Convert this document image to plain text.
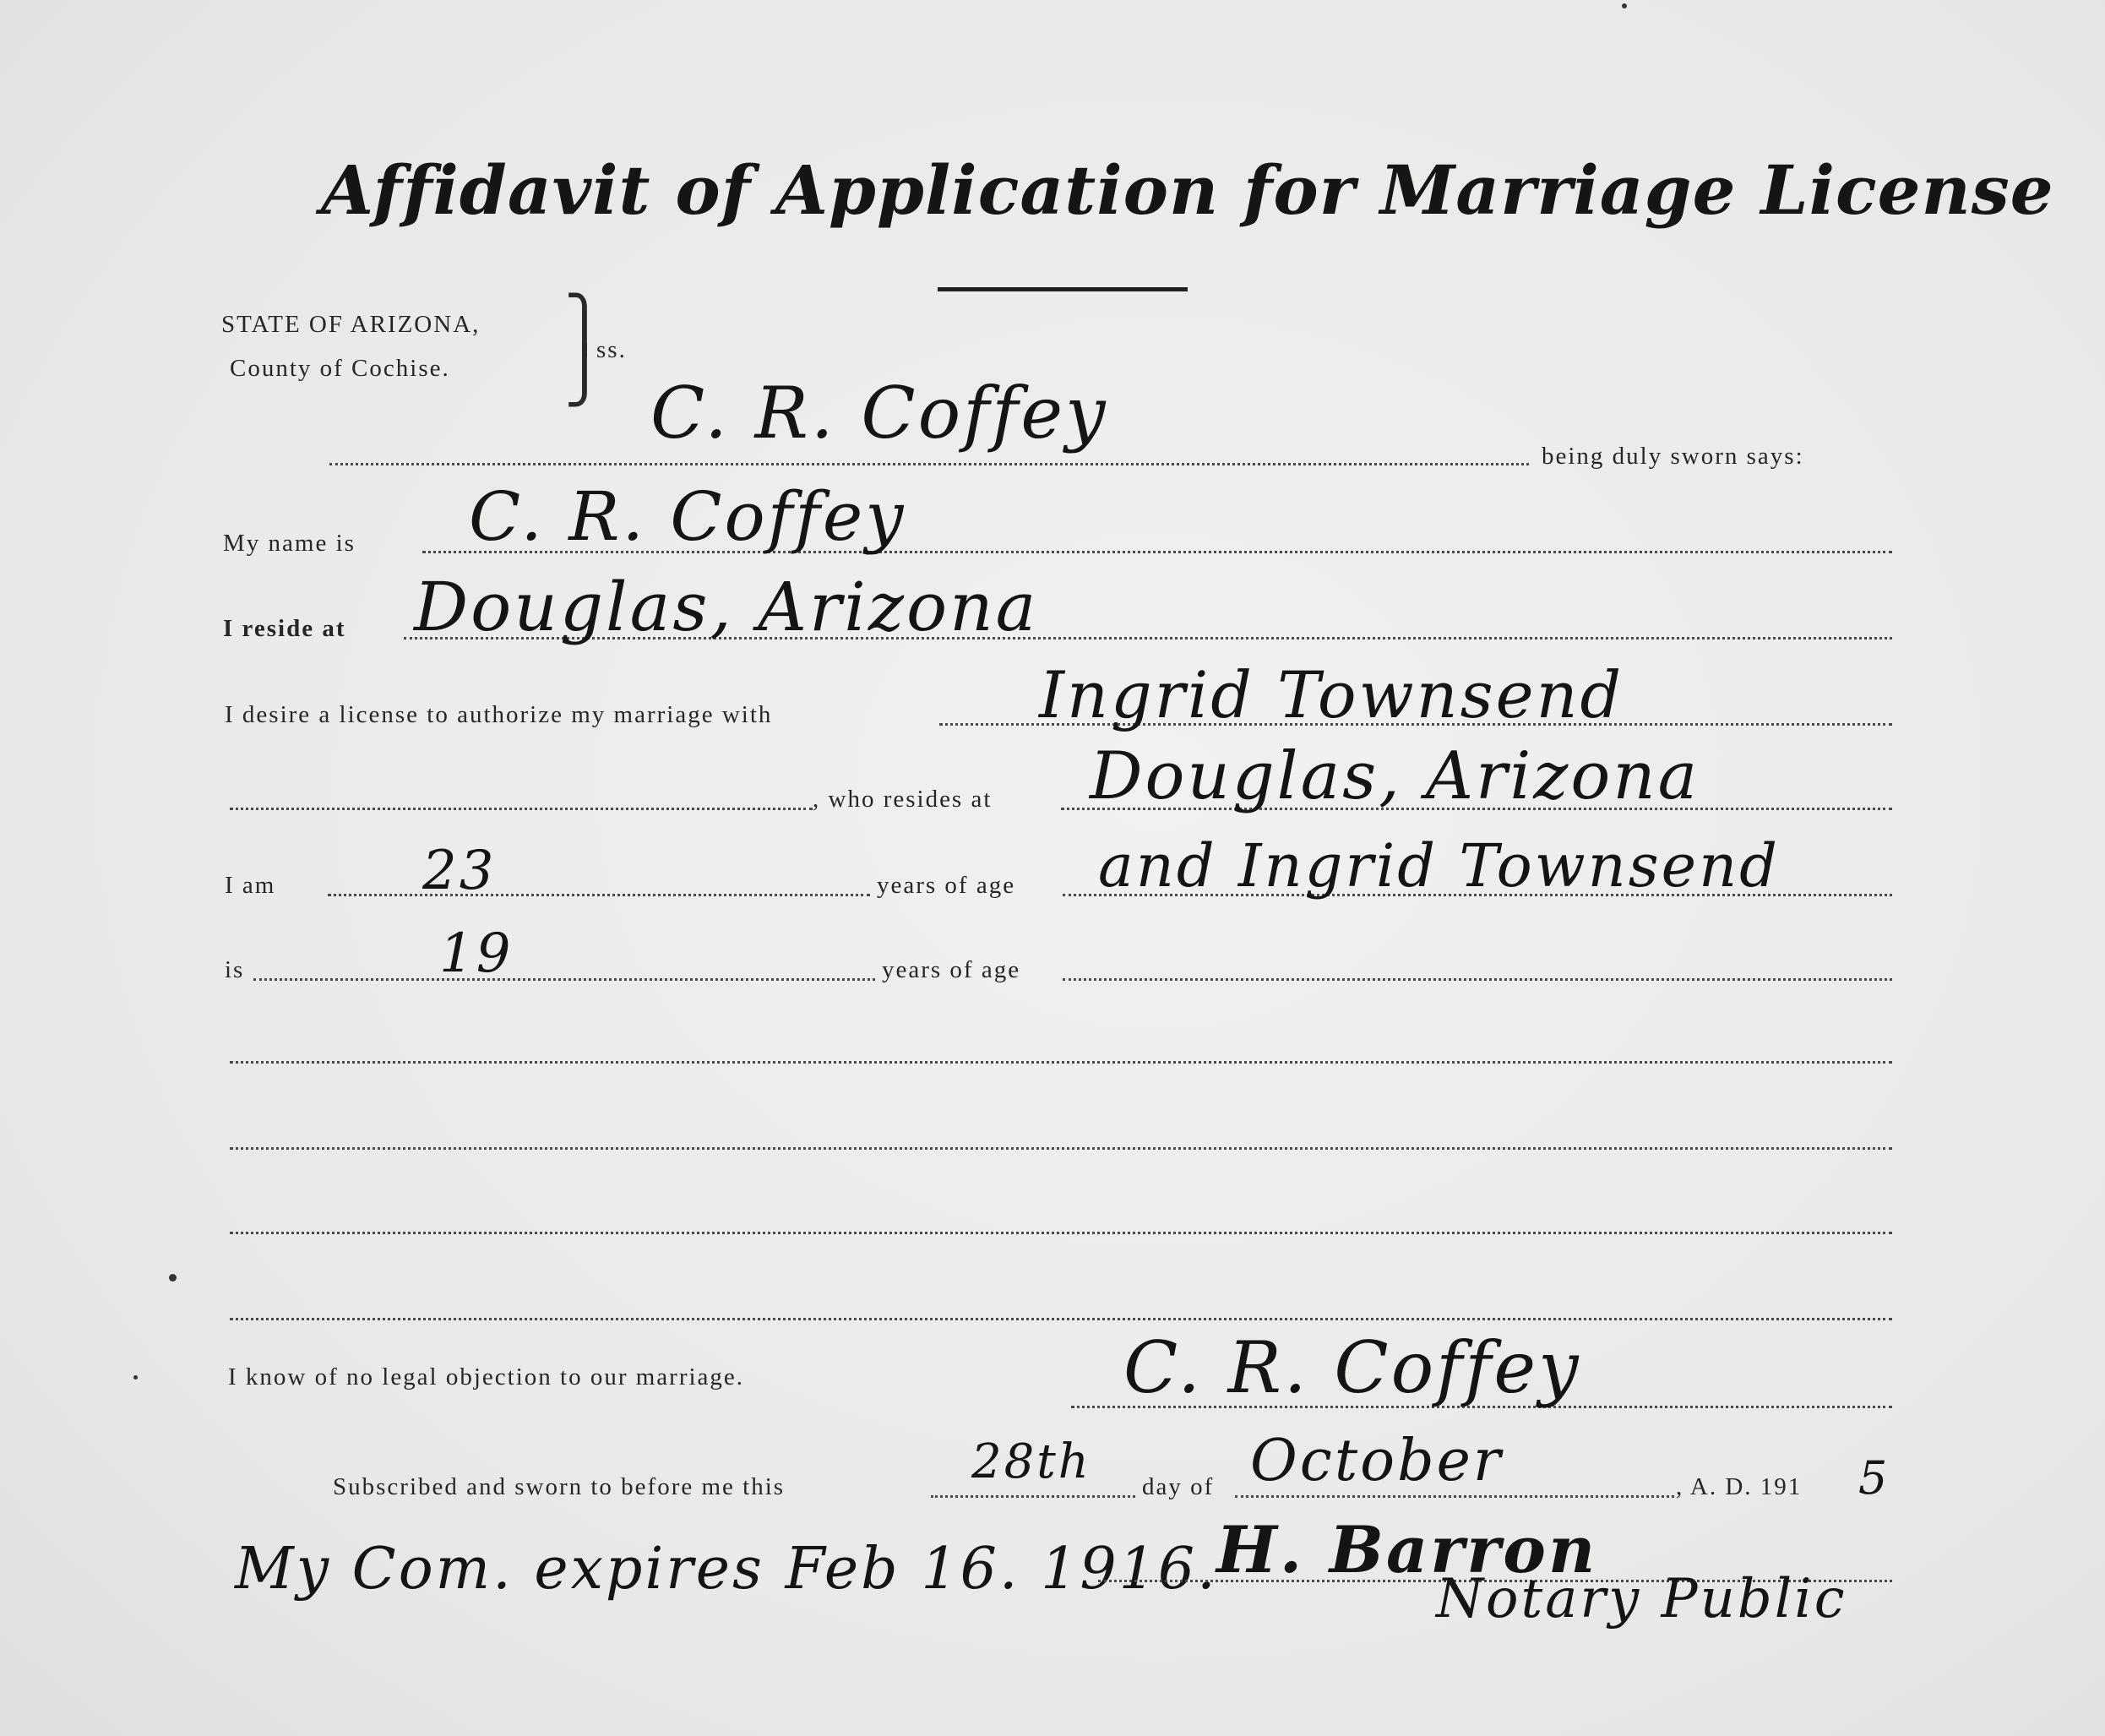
Affidavit of Application for Marriage License
STATE OF ARIZONA,
County of Cochise.
⎫
⎭
ss.
C. R. Coffey
being duly sworn says:
My name is C. R. Coffey
I reside at Douglas, Arizona
I desire a license to authorize my marriage with	Ingrid Townsend
, who resides at Douglas, Arizona
I am	23	years of age and Ingrid Townsend
is	19	years of age
I know of no legal objection to our marriage.	C. R. Coffey
Subscribed and sworn to before me this	28th day of October	, A. D. 191 5
My Com. expires Feb 16. 1916.
H. Barron
Notary Public
